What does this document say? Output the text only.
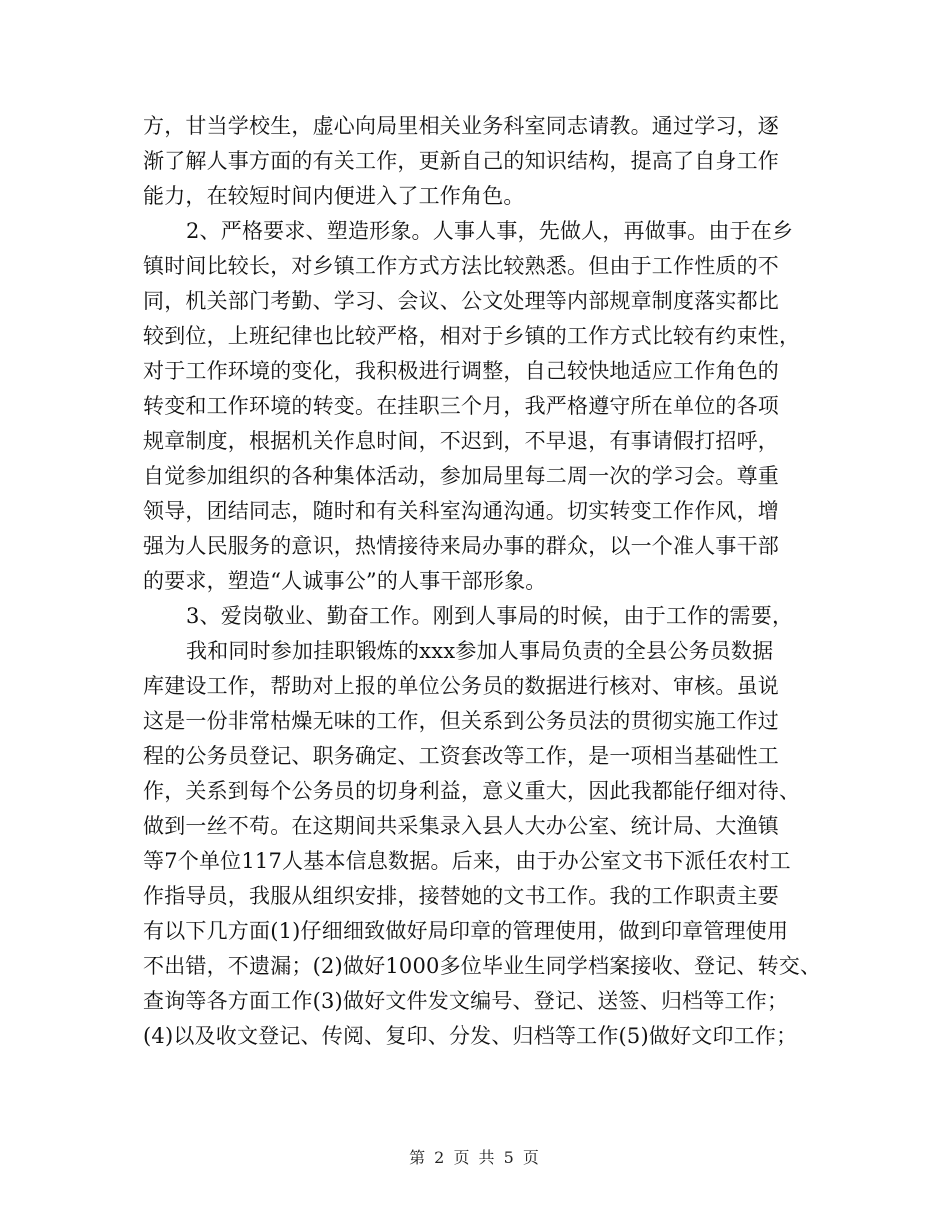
方，甘当学校生，虚心向局里相关业务科室同志请教。通过学习，逐
渐了解人事方面的有关工作，更新自己的知识结构，提高了自身工作
能力，在较短时间内便进入了工作角色。
2、严格要求、塑造形象。人事人事，先做人，再做事。由于在乡
镇时间比较长，对乡镇工作方式方法比较熟悉。但由于工作性质的不
同，机关部门考勤、学习、会议、公文处理等内部规章制度落实都比
较到位，上班纪律也比较严格，相对于乡镇的工作方式比较有约束性，
对于工作环境的变化，我积极进行调整，自己较快地适应工作角色的
转变和工作环境的转变。在挂职三个月，我严格遵守所在单位的各项
规章制度，根据机关作息时间，不迟到，不早退，有事请假打招呼，
自觉参加组织的各种集体活动，参加局里每二周一次的学习会。尊重
领导，团结同志，随时和有关科室沟通沟通。切实转变工作作风，增
强为人民服务的意识，热情接待来局办事的群众，以一个准人事干部
的要求，塑造“人诚事公”的人事干部形象。
3、爱岗敬业、勤奋工作。刚到人事局的时候，由于工作的需要，
我和同时参加挂职锻炼的xxx参加人事局负责的全县公务员数据
库建设工作，帮助对上报的单位公务员的数据进行核对、审核。虽说
这是一份非常枯燥无味的工作，但关系到公务员法的贯彻实施工作过
程的公务员登记、职务确定、工资套改等工作，是一项相当基础性工
作，关系到每个公务员的切身利益，意义重大，因此我都能仔细对待、
做到一丝不苟。在这期间共采集录入县人大办公室、统计局、大渔镇
等7个单位117人基本信息数据。后来，由于办公室文书下派任农村工
作指导员，我服从组织安排，接替她的文书工作。我的工作职责主要
有以下几方面(1)仔细细致做好局印章的管理使用，做到印章管理使用
不出错，不遗漏；(2)做好1000多位毕业生同学档案接收、登记、转交、
查询等各方面工作(3)做好文件发文编号、登记、送签、归档等工作；
(4)以及收文登记、传阅、复印、分发、归档等工作(5)做好文印工作；
第 2 页 共 5 页
